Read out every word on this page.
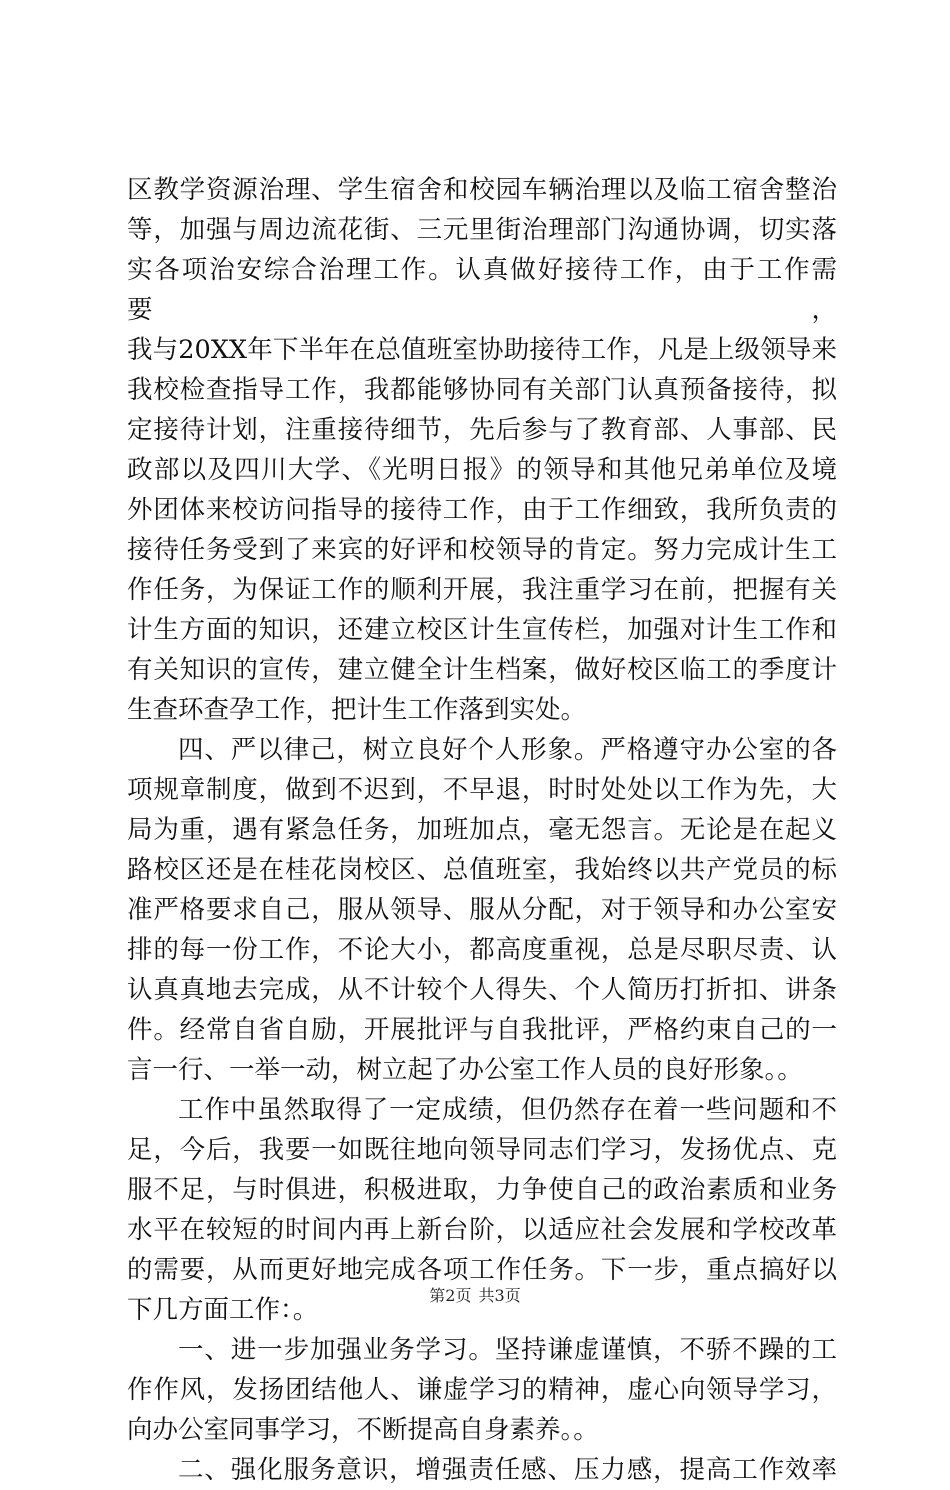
区教学资源治理、学生宿舍和校园车辆治理以及临工宿舍整治

等，加强与周边流花街、三元里街治理部门沟通协调，切实落

实各项治安综合治理工作。认真做好接待工作，由于工作需要，

我与20XX年下半年在总值班室协助接待工作，凡是上级领导来

我校检查指导工作，我都能够协同有关部门认真预备接待，拟

定接待计划，注重接待细节，先后参与了教育部、人事部、民

政部以及四川大学、《光明日报》的领导和其他兄弟单位及境

外团体来校访问指导的接待工作，由于工作细致，我所负责的

接待任务受到了来宾的好评和校领导的肯定。努力完成计生工

作任务，为保证工作的顺利开展，我注重学习在前，把握有关

计生方面的知识，还建立校区计生宣传栏，加强对计生工作和

有关知识的宣传，建立健全计生档案，做好校区临工的季度计

生查环查孕工作，把计生工作落到实处。

四、严以律己，树立良好个人形象。严格遵守办公室的各

项规章制度，做到不迟到，不早退，时时处处以工作为先，大

局为重，遇有紧急任务，加班加点，毫无怨言。无论是在起义

路校区还是在桂花岗校区、总值班室，我始终以共产党员的标

准严格要求自己，服从领导、服从分配，对于领导和办公室安

排的每一份工作，不论大小，都高度重视，总是尽职尽责、认

认真真地去完成，从不计较个人得失、个人简历打折扣、讲条

件。经常自省自励，开展批评与自我批评，严格约束自己的一

言一行、一举一动，树立起了办公室工作人员的良好形象。。

工作中虽然取得了一定成绩，但仍然存在着一些问题和不

足，今后，我要一如既往地向领导同志们学习，发扬优点、克

服不足，与时俱进，积极进取，力争使自己的政治素质和业务

水平在较短的时间内再上新台阶，以适应社会发展和学校改革

的需要，从而更好地完成各项工作任务。下一步，重点搞好以

下几方面工作：。

一、进一步加强业务学习。坚持谦虚谨慎，不骄不躁的工

作作风，发扬团结他人、谦虚学习的精神，虚心向领导学习，

向办公室同事学习，不断提高自身素养。。

二、强化服务意识，增强责任感、压力感，提高工作效率

第2页 共3页
